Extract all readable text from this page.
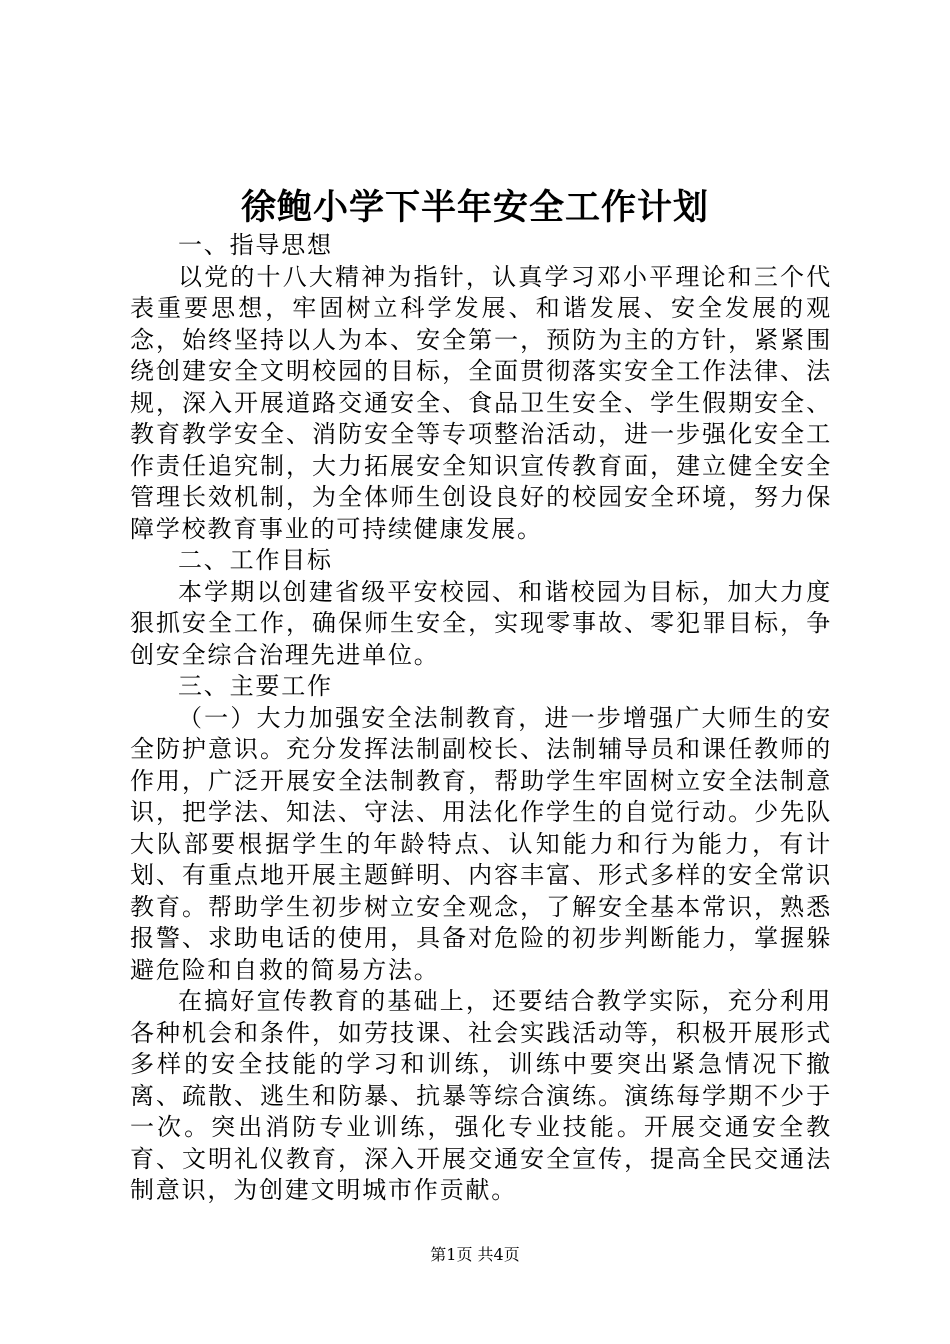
徐鲍小学下半年安全工作计划

一、指导思想

以党的十八大精神为指针，认真学习邓小平理论和三个代表重要思想，牢固树立科学发展、和谐发展、安全发展的观念，始终坚持以人为本、安全第一，预防为主的方针，紧紧围绕创建安全文明校园的目标，全面贯彻落实安全工作法律、法规，深入开展道路交通安全、食品卫生安全、学生假期安全、教育教学安全、消防安全等专项整治活动，进一步强化安全工作责任追究制，大力拓展安全知识宣传教育面，建立健全安全管理长效机制，为全体师生创设良好的校园安全环境，努力保障学校教育事业的可持续健康发展。

二、工作目标

本学期以创建省级平安校园、和谐校园为目标，加大力度狠抓安全工作，确保师生安全，实现零事故、零犯罪目标，争创安全综合治理先进单位。

三、主要工作

（一）大力加强安全法制教育，进一步增强广大师生的安全防护意识。充分发挥法制副校长、法制辅导员和课任教师的作用，广泛开展安全法制教育，帮助学生牢固树立安全法制意识，把学法、知法、守法、用法化作学生的自觉行动。少先队大队部要根据学生的年龄特点、认知能力和行为能力，有计划、有重点地开展主题鲜明、内容丰富、形式多样的安全常识教育。帮助学生初步树立安全观念，了解安全基本常识，熟悉报警、求助电话的使用，具备对危险的初步判断能力，掌握躲避危险和自救的简易方法。

在搞好宣传教育的基础上，还要结合教学实际，充分利用各种机会和条件，如劳技课、社会实践活动等，积极开展形式多样的安全技能的学习和训练，训练中要突出紧急情况下撤离、疏散、逃生和防暴、抗暴等综合演练。演练每学期不少于一次。突出消防专业训练，强化专业技能。开展交通安全教育、文明礼仪教育，深入开展交通安全宣传，提高全民交通法制意识，为创建文明城市作贡献。

第1页 共4页
